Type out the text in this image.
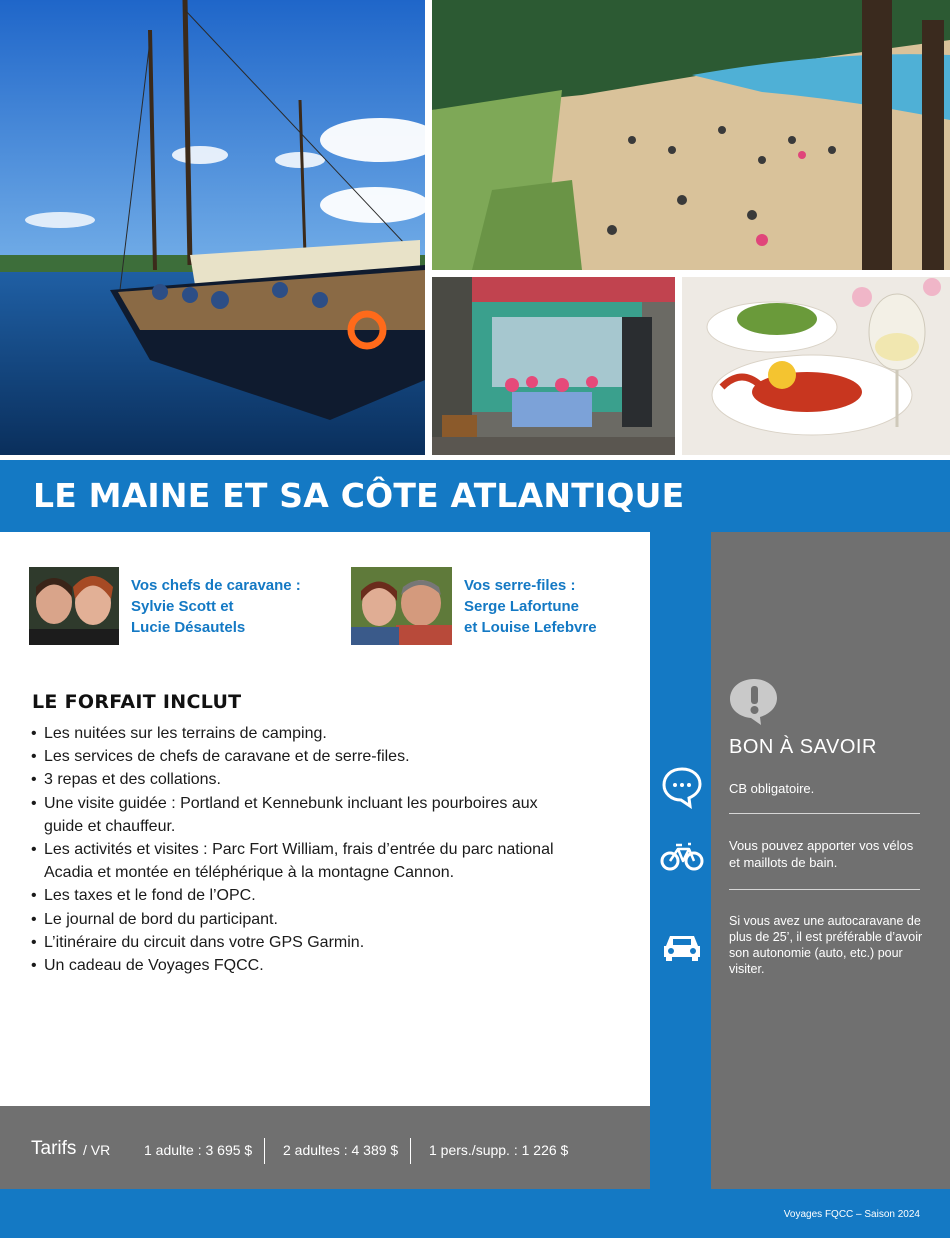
LE MAINE ET SA CÔTE ATLANTIQUE
Vos chefs de caravane :
Sylvie Scott et
Lucie Désautels
Vos serre-files :
Serge Lafortune
et Louise Lefebvre
LE FORFAIT INCLUT
• Les nuitées sur les terrains de camping.
• Les services de chefs de caravane et de serre-files.
• 3 repas et des collations.
• Une visite guidée : Portland et Kennebunk incluant les pourboires aux guide et chauffeur.
• Les activités et visites : Parc Fort William, frais d’entrée du parc national Acadia et montée en téléphérique à la montagne Cannon.
• Les taxes et le fond de l’OPC.
• Le journal de bord du participant.
• L’itinéraire du circuit dans votre GPS Garmin.
• Un cadeau de Voyages FQCC.
Tarifs / VR 1 adulte : 3 695 $ 2 adultes : 4 389 $ 1 pers./supp. : 1 226 $
BON À SAVOIR
CB obligatoire.
Vous pouvez apporter vos vélos et maillots de bain.
Si vous avez une autocaravane de plus de 25’, il est préférable d’avoir son autonomie (auto, etc.) pour visiter.
Voyages FQCC – Saison 2024
